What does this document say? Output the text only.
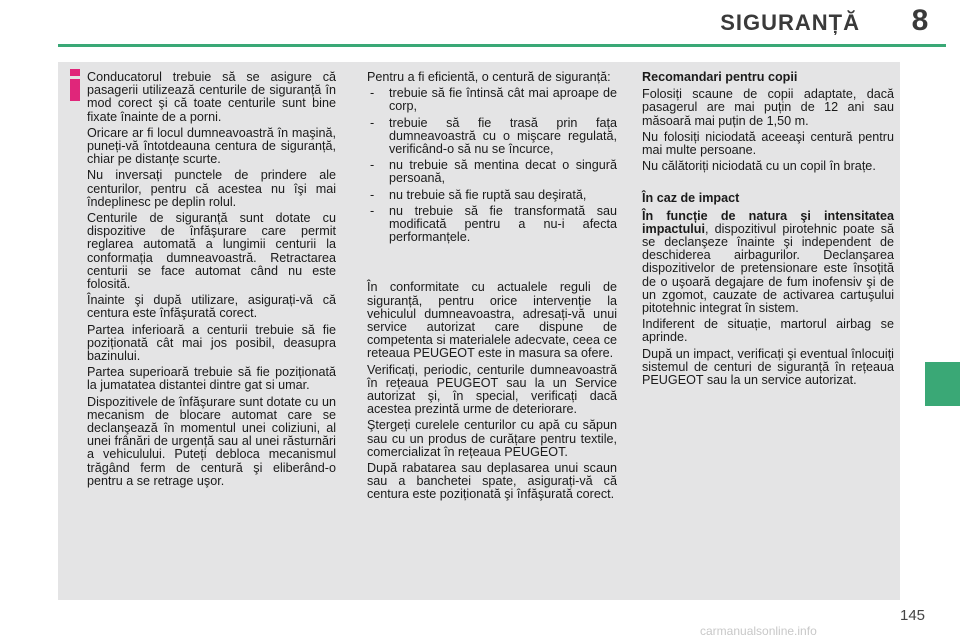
SIGURANȚĂ	8

Conducatorul trebuie să se asigure că pasagerii utilizează centurile de siguranță în mod corect şi că toate centurile sunt bine fixate înainte de a porni.

Oricare ar fi locul dumneavoastră în maşină, puneți-vă întotdeauna centura de siguranță, chiar pe distanțe scurte.

Nu inversați punctele de prindere ale centurilor, pentru că acestea nu îşi mai îndeplinesc pe deplin rolul.

Centurile de siguranță sunt dotate cu dispozitive de înfăşurare care permit reglarea automată a lungimii centurii la conformația dumneavoastră. Retractarea centurii se face automat când nu este folosită.

Înainte şi după utilizare, asigurați-vă că centura este înfăşurată corect.

Partea inferioară a centurii trebuie să fie poziționată cât mai jos posibil, deasupra bazinului.

Partea superioară trebuie să fie poziționată la jumatatea distantei dintre gat si umar.

Dispozitivele de înfăşurare sunt dotate cu un mecanism de blocare automat care se declanşează în momentul unei coliziuni, al unei frânări de urgență sau al unei răsturnări a vehiculului. Puteți debloca mecanismul trăgând ferm de centură şi eliberând-o pentru a se retrage uşor.

Pentru a fi eficientă, o centură de siguranță:

- trebuie să fie întinsă cât mai aproape de corp,
- trebuie să fie trasă prin fața dumneavoastră cu o mişcare regulată, verificând-o să nu se încurce,
- nu trebuie să mentina decat o singură persoană,
- nu trebuie să fie ruptă sau deşirată,
- nu trebuie să fie transformată sau modificată pentru a nu-i afecta performanțele.

În conformitate cu actualele reguli de siguranță, pentru orice intervenție la vehiculul dumneavoastra, adresați-vă unui service autorizat care dispune de competenta si materialele adecvate, ceea ce reteaua PEUGEOT este in masura sa ofere.

Verificați, periodic, centurile dumneavoastră în rețeaua PEUGEOT sau la un Service autorizat şi, în special, verificați dacă acestea prezintă urme de deteriorare.

Ştergeți curelele centurilor cu apă cu săpun sau cu un produs de curățare pentru textile, comercializat în rețeaua PEUGEOT.

După rabatarea sau deplasarea unui scaun sau a banchetei spate, asigurați-vă că centura este poziționată şi înfăşurată corect.

Recomandari pentru copii

Folosiți scaune de copii adaptate, dacă pasagerul are mai puțin de 12 ani sau măsoară mai puțin de 1,50 m.

Nu folosiți niciodată aceeaşi centură pentru mai multe persoane.

Nu călătoriți niciodată cu un copil în brațe.

În caz de impact

În funcție de natura şi intensitatea impactului, dispozitivul pirotehnic poate să se declanşeze înainte şi independent de deschiderea airbagurilor. Declanşarea dispozitivelor de pretensionare este însoțită de o uşoară degajare de fum inofensiv şi de un zgomot, cauzate de activarea cartuşului pitotehnic integrat în sistem.

Indiferent de situație, martorul airbag se aprinde.

După un impact, verificați şi eventual înlocuiți sistemul de centuri de siguranță în rețeaua PEUGEOT sau la un service autorizat.

145
carmanualsonline.info
